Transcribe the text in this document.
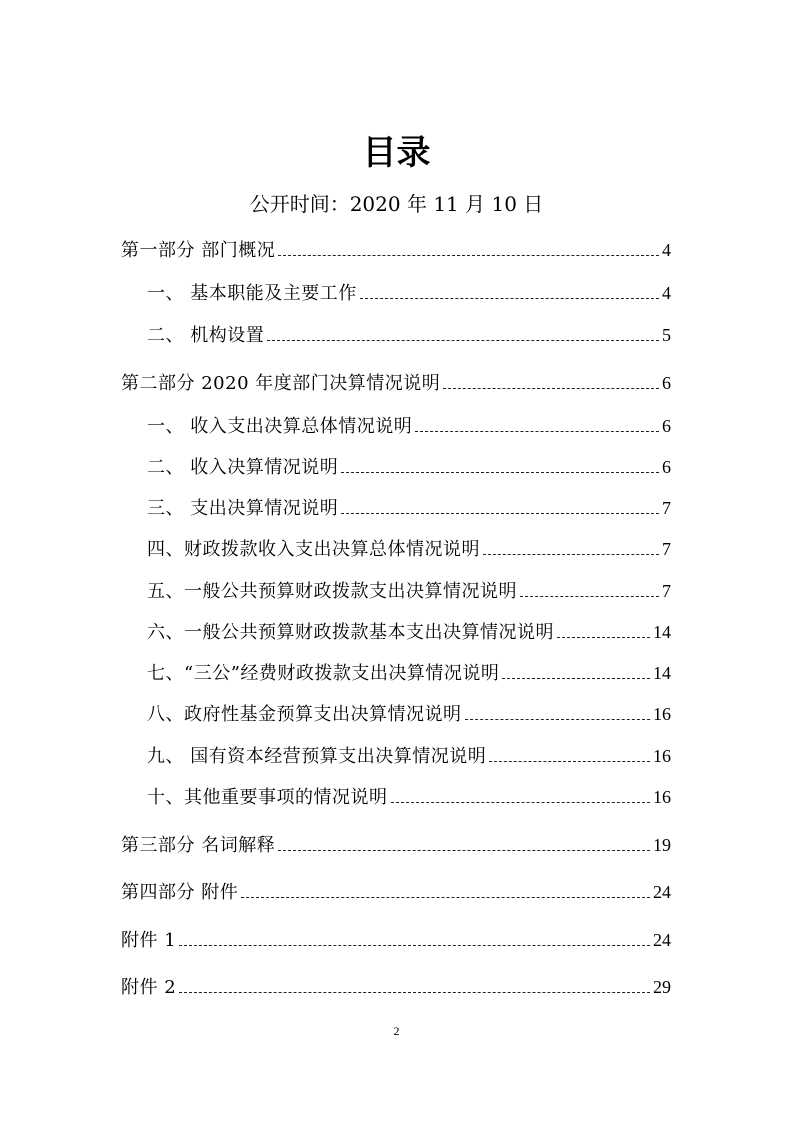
目录
公开时间：2020 年 11 月 10 日
第一部分 部门概况	4
一、 基本职能及主要工作	4
二、 机构设置	5
第二部分 2020 年度部门决算情况说明	6
一、 收入支出决算总体情况说明	6
二、 收入决算情况说明	6
三、 支出决算情况说明	7
四、财政拨款收入支出决算总体情况说明	7
五、一般公共预算财政拨款支出决算情况说明	7
六、一般公共预算财政拨款基本支出决算情况说明	14
七、“三公”经费财政拨款支出决算情况说明	14
八、政府性基金预算支出决算情况说明	16
九、 国有资本经营预算支出决算情况说明	16
十、其他重要事项的情况说明	16
第三部分 名词解释	19
第四部分 附件	24
附件 1	24
附件 2	29
2
